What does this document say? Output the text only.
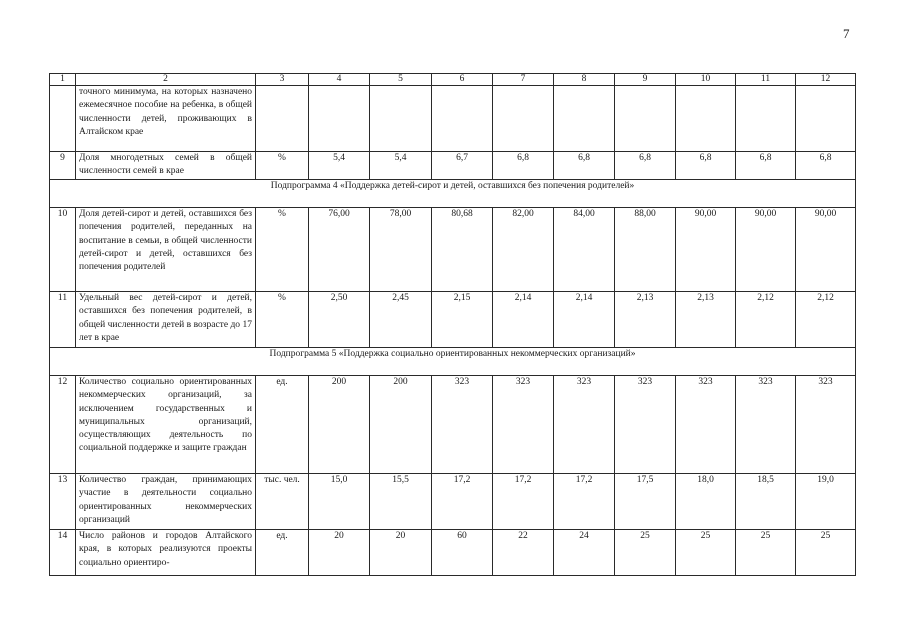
7
1	2	3	4	5	6	7	8	9	10	11	12
	точного минимума, на которых назначено ежемесячное пособие на ребенка, в общей численности детей, проживающих в Алтайском крае										
9	Доля многодетных семей в общей численности семей в крае	%	5,4	5,4	6,7	6,8	6,8	6,8	6,8	6,8	6,8
Подпрограмма 4 «Поддержка детей-сирот и детей, оставшихся без попечения родителей»											
10	Доля детей-сирот и детей, оставшихся без попечения родителей, переданных на воспитание в семьи, в общей численности детей-сирот и детей, оставшихся без попечения родителей	%	76,00	78,00	80,68	82,00	84,00	88,00	90,00	90,00	90,00
11	Удельный вес детей-сирот и детей, оставшихся без попечения родителей, в общей численности детей в возрасте до 17 лет в крае	%	2,50	2,45	2,15	2,14	2,14	2,13	2,13	2,12	2,12
Подпрограмма 5 «Поддержка социально ориентированных некоммерческих организаций»											
12	Количество социально ориентированных некоммерческих организаций, за исключением государственных и муниципальных организаций, осуществляющих деятельность по социальной поддержке и защите граждан	ед.	200	200	323	323	323	323	323	323	323
13	Количество граждан, принимающих участие в деятельности социально ориентированных некоммерческих организаций	тыс. чел.	15,0	15,5	17,2	17,2	17,2	17,5	18,0	18,5	19,0
14	Число районов и городов Алтайского края, в которых реализуются проекты социально ориентиро-	ед.	20	20	60	22	24	25	25	25	25
